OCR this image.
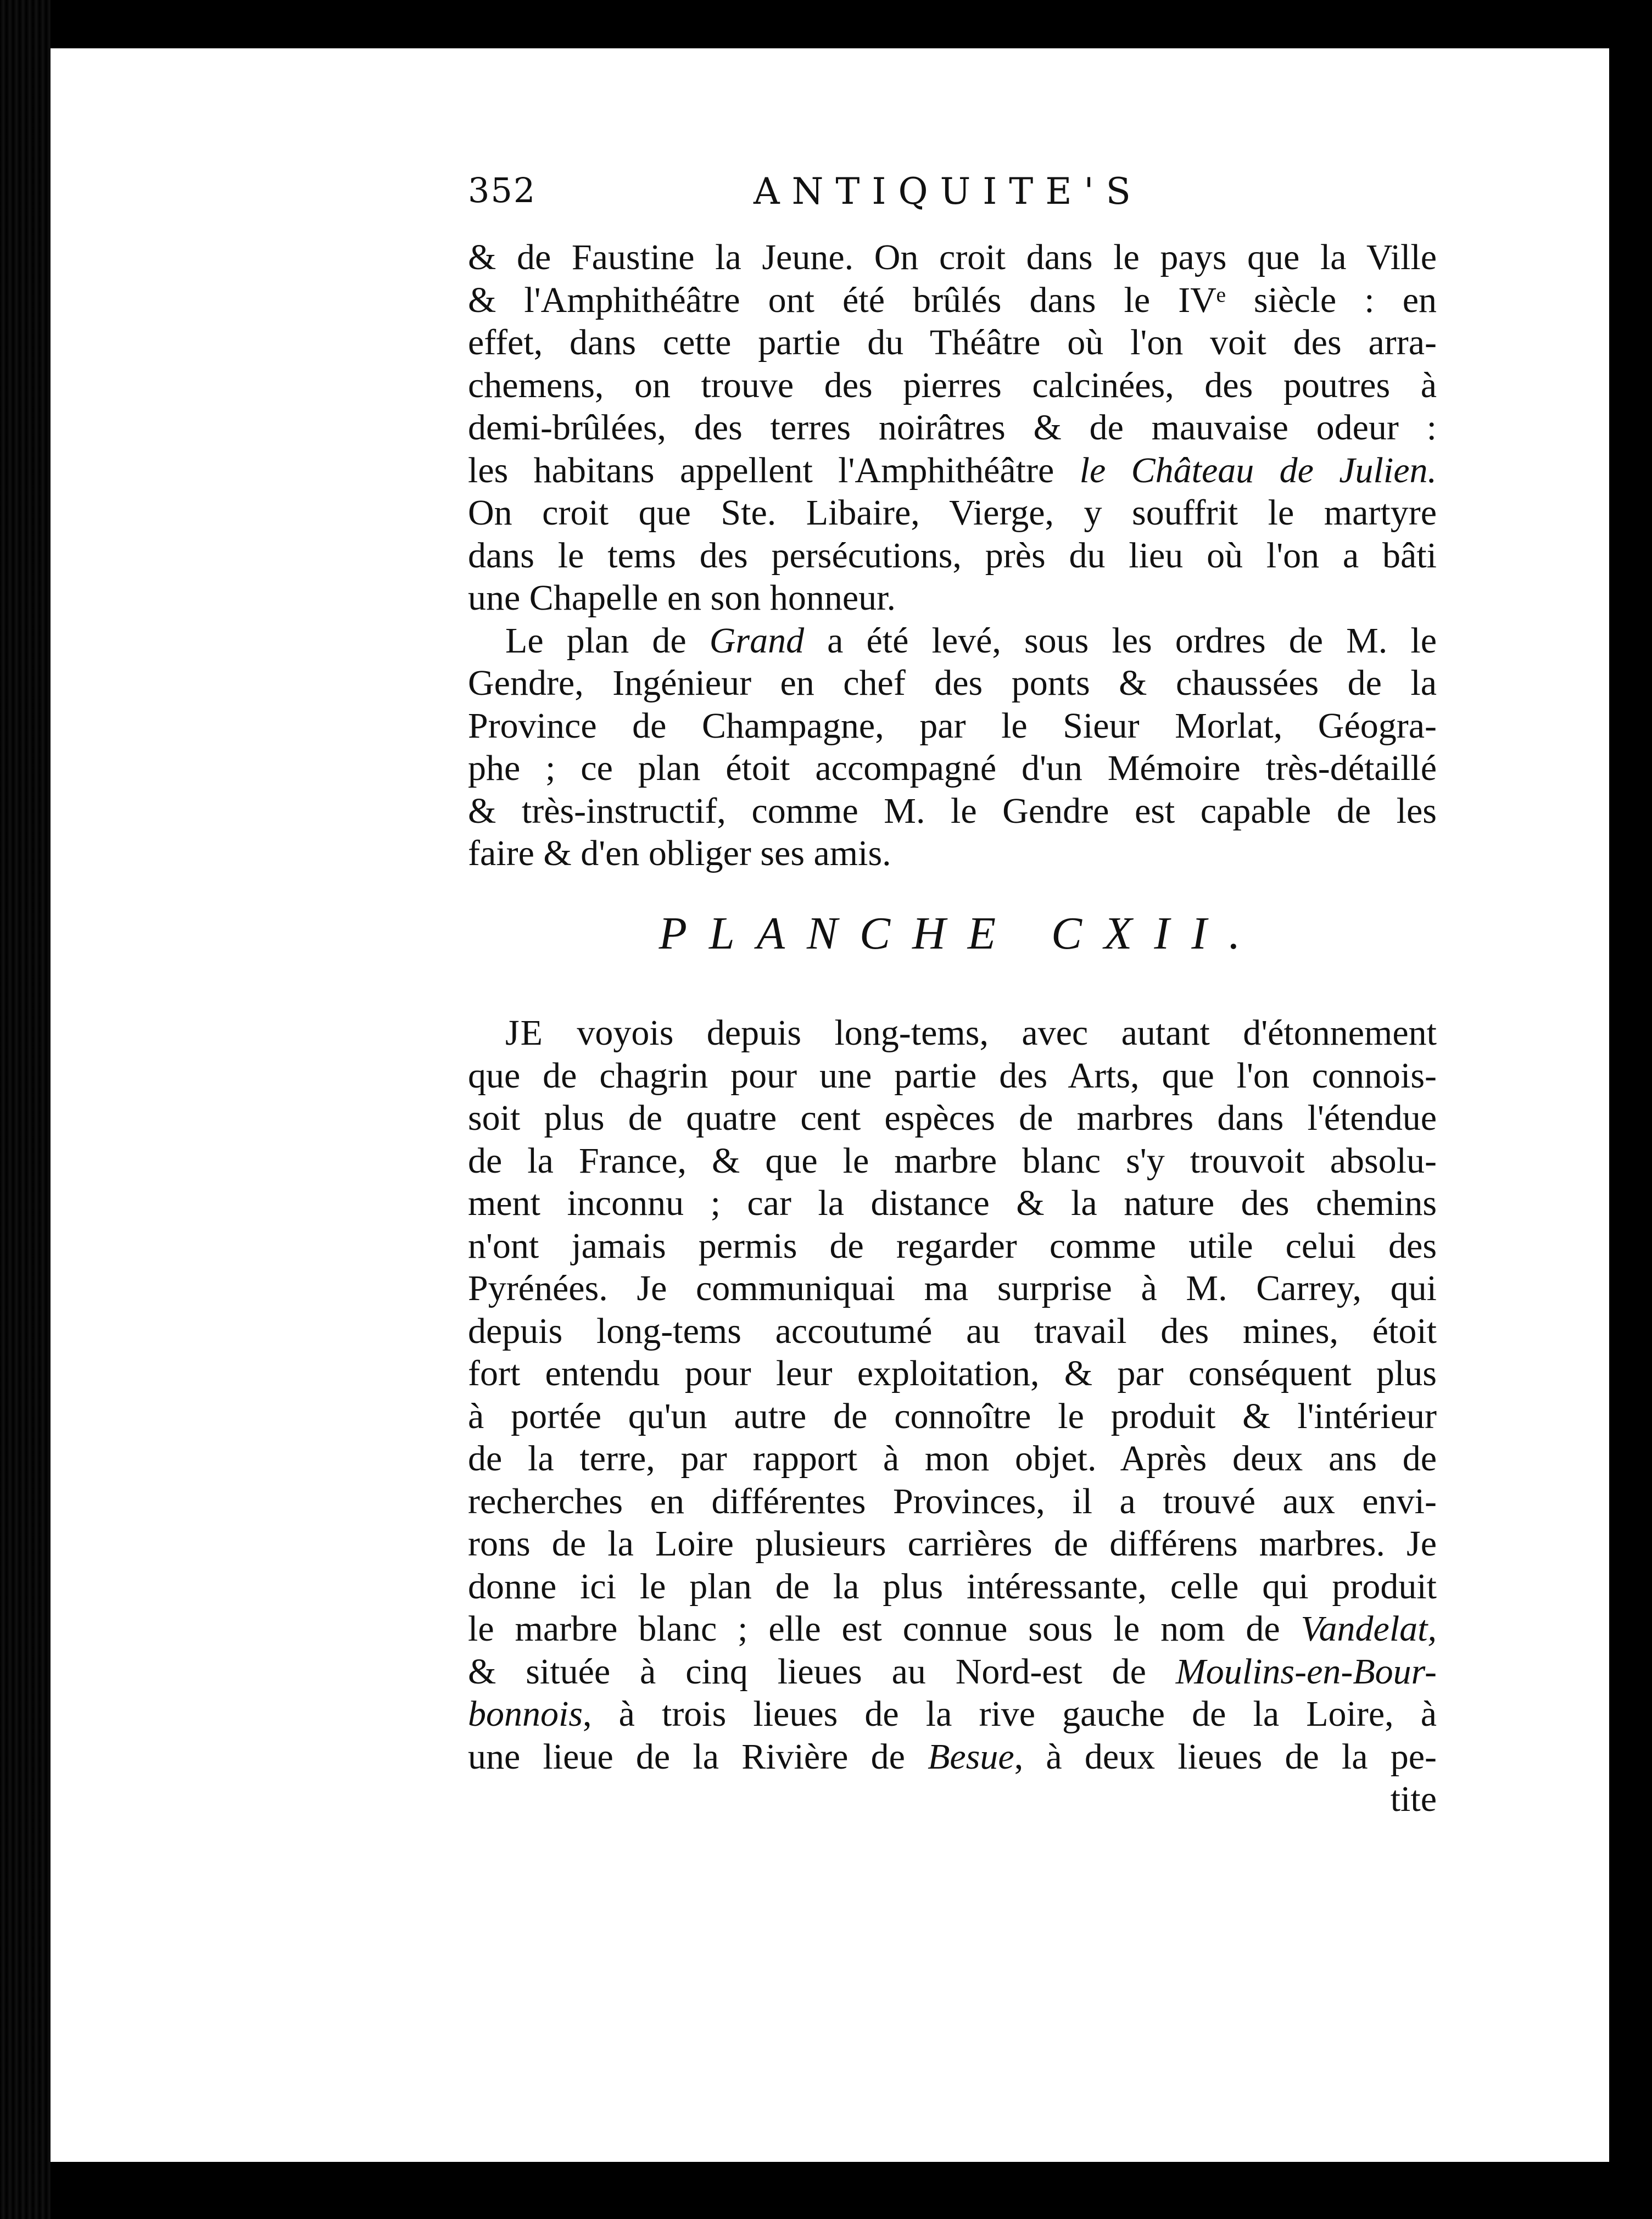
352	ANTIQUITE'S

& de Faustine la Jeune. On croit dans le pays que la Ville
& l'Amphithéâtre ont été brûlés dans le IVᵉ siècle : en
effet, dans cette partie du Théâtre où l'on voit des arra-
chemens, on trouve des pierres calcinées, des poutres à
demi-brûlées, des terres noirâtres & de mauvaise odeur :
les habitans appellent l'Amphithéâtre le Château de Julien.
On croit que Ste. Libaire, Vierge, y souffrit le martyre
dans le tems des persécutions, près du lieu où l'on a bâti
une Chapelle en son honneur.

Le plan de Grand a été levé, sous les ordres de M. le
Gendre, Ingénieur en chef des ponts & chaussées de la
Province de Champagne, par le Sieur Morlat, Géogra-
phe ; ce plan étoit accompagné d'un Mémoire très-détaillé
& très-instructif, comme M. le Gendre est capable de les
faire & d'en obliger ses amis.

PLANCHE CXII.

JE voyois depuis long-tems, avec autant d'étonnement
que de chagrin pour une partie des Arts, que l'on connois-
soit plus de quatre cent espèces de marbres dans l'étendue
de la France, & que le marbre blanc s'y trouvoit absolu-
ment inconnu ; car la distance & la nature des chemins
n'ont jamais permis de regarder comme utile celui des
Pyrénées. Je communiquai ma surprise à M. Carrey, qui
depuis long-tems accoutumé au travail des mines, étoit
fort entendu pour leur exploitation, & par conséquent plus
à portée qu'un autre de connoître le produit & l'intérieur
de la terre, par rapport à mon objet. Après deux ans de
recherches en différentes Provinces, il a trouvé aux envi-
rons de la Loire plusieurs carrières de différens marbres. Je
donne ici le plan de la plus intéressante, celle qui produit
le marbre blanc ; elle est connue sous le nom de Vandelat,
& située à cinq lieues au Nord-est de Moulins-en-Bour-
bonnois, à trois lieues de la rive gauche de la Loire, à
une lieue de la Rivière de Besue, à deux lieues de la pe-
tite
